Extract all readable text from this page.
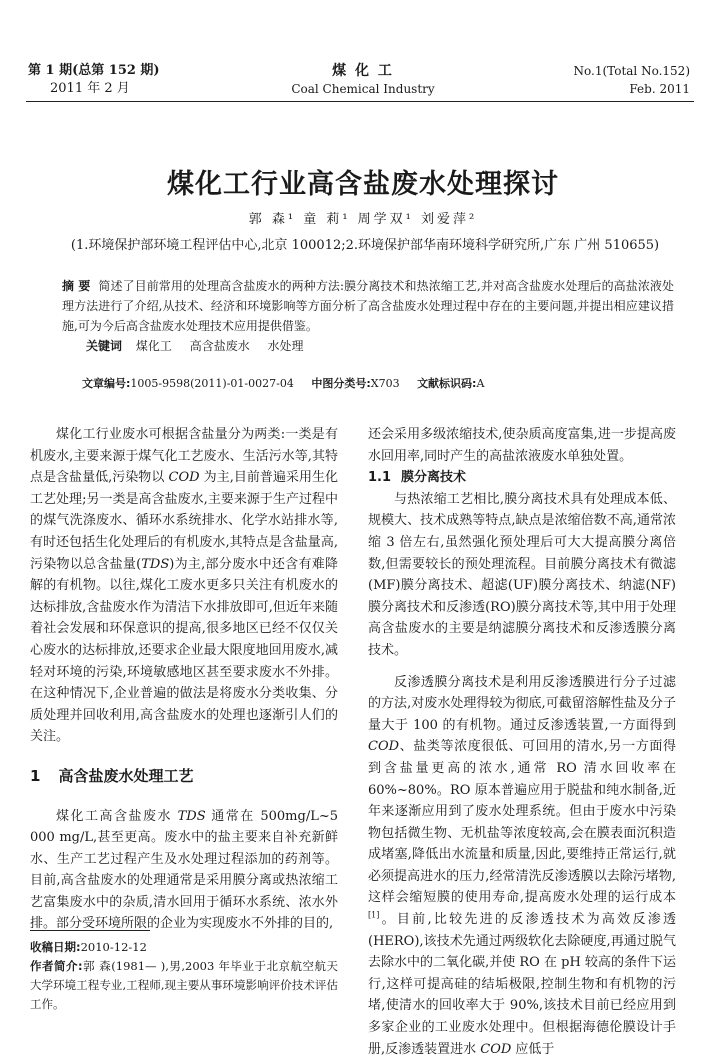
第 1 期(总第 152 期)
2011 年 2 月
煤 化 工
Coal Chemical Industry
No.1(Total No.152)
Feb. 2011
煤化工行业高含盐废水处理探讨
郭 森¹ 童 莉¹ 周学双¹ 刘爱萍²
(1.环境保护部环境工程评估中心,北京 100012;2.环境保护部华南环境科学研究所,广东 广州 510655)
摘 要 简述了目前常用的处理高含盐废水的两种方法:膜分离技术和热浓缩工艺,并对高含盐废水处理后的高盐浓液处理方法进行了介绍,从技术、经济和环境影响等方面分析了高含盐废水处理过程中存在的主要问题,并提出相应建议措施,可为今后高含盐废水处理技术应用提供借鉴。
关键词 煤化工 高含盐废水 水处理
文章编号:1005-9598(2011)-01-0027-04 中图分类号:X703 文献标识码:A

煤化工行业废水可根据含盐量分为两类:一类是有机废水,主要来源于煤气化工艺废水、生活污水等,其特点是含盐量低,污染物以 COD 为主,目前普遍采用生化工艺处理;另一类是高含盐废水,主要来源于生产过程中的煤气洗涤废水、循环水系统排水、化学水站排水等,有时还包括生化处理后的有机废水,其特点是含盐量高,污染物以总含盐量(TDS)为主,部分废水中还含有难降解的有机物。以往,煤化工废水更多只关注有机废水的达标排放,含盐废水作为清洁下水排放即可,但近年来随着社会发展和环保意识的提高,很多地区已经不仅仅关心废水的达标排放,还要求企业最大限度地回用废水,减轻对环境的污染,环境敏感地区甚至要求废水不外排。在这种情况下,企业普遍的做法是将废水分类收集、分质处理并回收利用,高含盐废水的处理也逐渐引人们的关注。

1 高含盐废水处理工艺

煤化工高含盐废水 TDS 通常在 500mg/L~5 000 mg/L,甚至更高。废水中的盐主要来自补充新鲜水、生产工艺过程产生及水处理过程添加的药剂等。目前,高含盐废水的处理通常是采用膜分离或热浓缩工艺富集废水中的杂质,清水回用于循环水系统、浓水外排。部分受环境所限的企业为实现废水不外排的目的,

收稿日期:2010-12-12

作者简介:郭 森(1981— ),男,2003 年毕业于北京航空航天大学环境工程专业,工程师,现主要从事环境影响评价技术评估工作。

还会采用多级浓缩技术,使杂质高度富集,进一步提高废水回用率,同时产生的高盐浓液废水单独处置。

1.1 膜分离技术

与热浓缩工艺相比,膜分离技术具有处理成本低、规模大、技术成熟等特点,缺点是浓缩倍数不高,通常浓缩 3 倍左右,虽然强化预处理后可大大提高膜分离倍数,但需要较长的预处理流程。目前膜分离技术有微滤(MF)膜分离技术、超滤(UF)膜分离技术、纳滤(NF)膜分离技术和反渗透(RO)膜分离技术等,其中用于处理高含盐废水的主要是纳滤膜分离技术和反渗透膜分离技术。

反渗透膜分离技术是利用反渗透膜进行分子过滤的方法,对废水处理得较为彻底,可截留溶解性盐及分子量大于 100 的有机物。通过反渗透装置,一方面得到 COD、盐类等浓度很低、可回用的清水,另一方面得到含盐量更高的浓水,通常 RO 清水回收率在 60%~80%。RO 原本普遍应用于脱盐和纯水制备,近年来逐渐应用到了废水处理系统。但由于废水中污染物包括微生物、无机盐等浓度较高,会在膜表面沉积造成堵塞,降低出水流量和质量,因此,要维持正常运行,就必须提高进水的压力,经常清洗反渗透膜以去除污堵物,这样会缩短膜的使用寿命,提高废水处理的运行成本[1]。目前,比较先进的反渗透技术为高效反渗透(HERO),该技术先通过两级软化去除硬度,再通过脱气去除水中的二氧化碳,并使 RO 在 pH 较高的条件下运行,这样可提高硅的结垢极限,控制生物和有机物的污堵,使清水的回收率大于 90%,该技术目前已经应用到多家企业的工业废水处理中。但根据海德伦膜设计手册,反渗透装置进水 COD 应低于
